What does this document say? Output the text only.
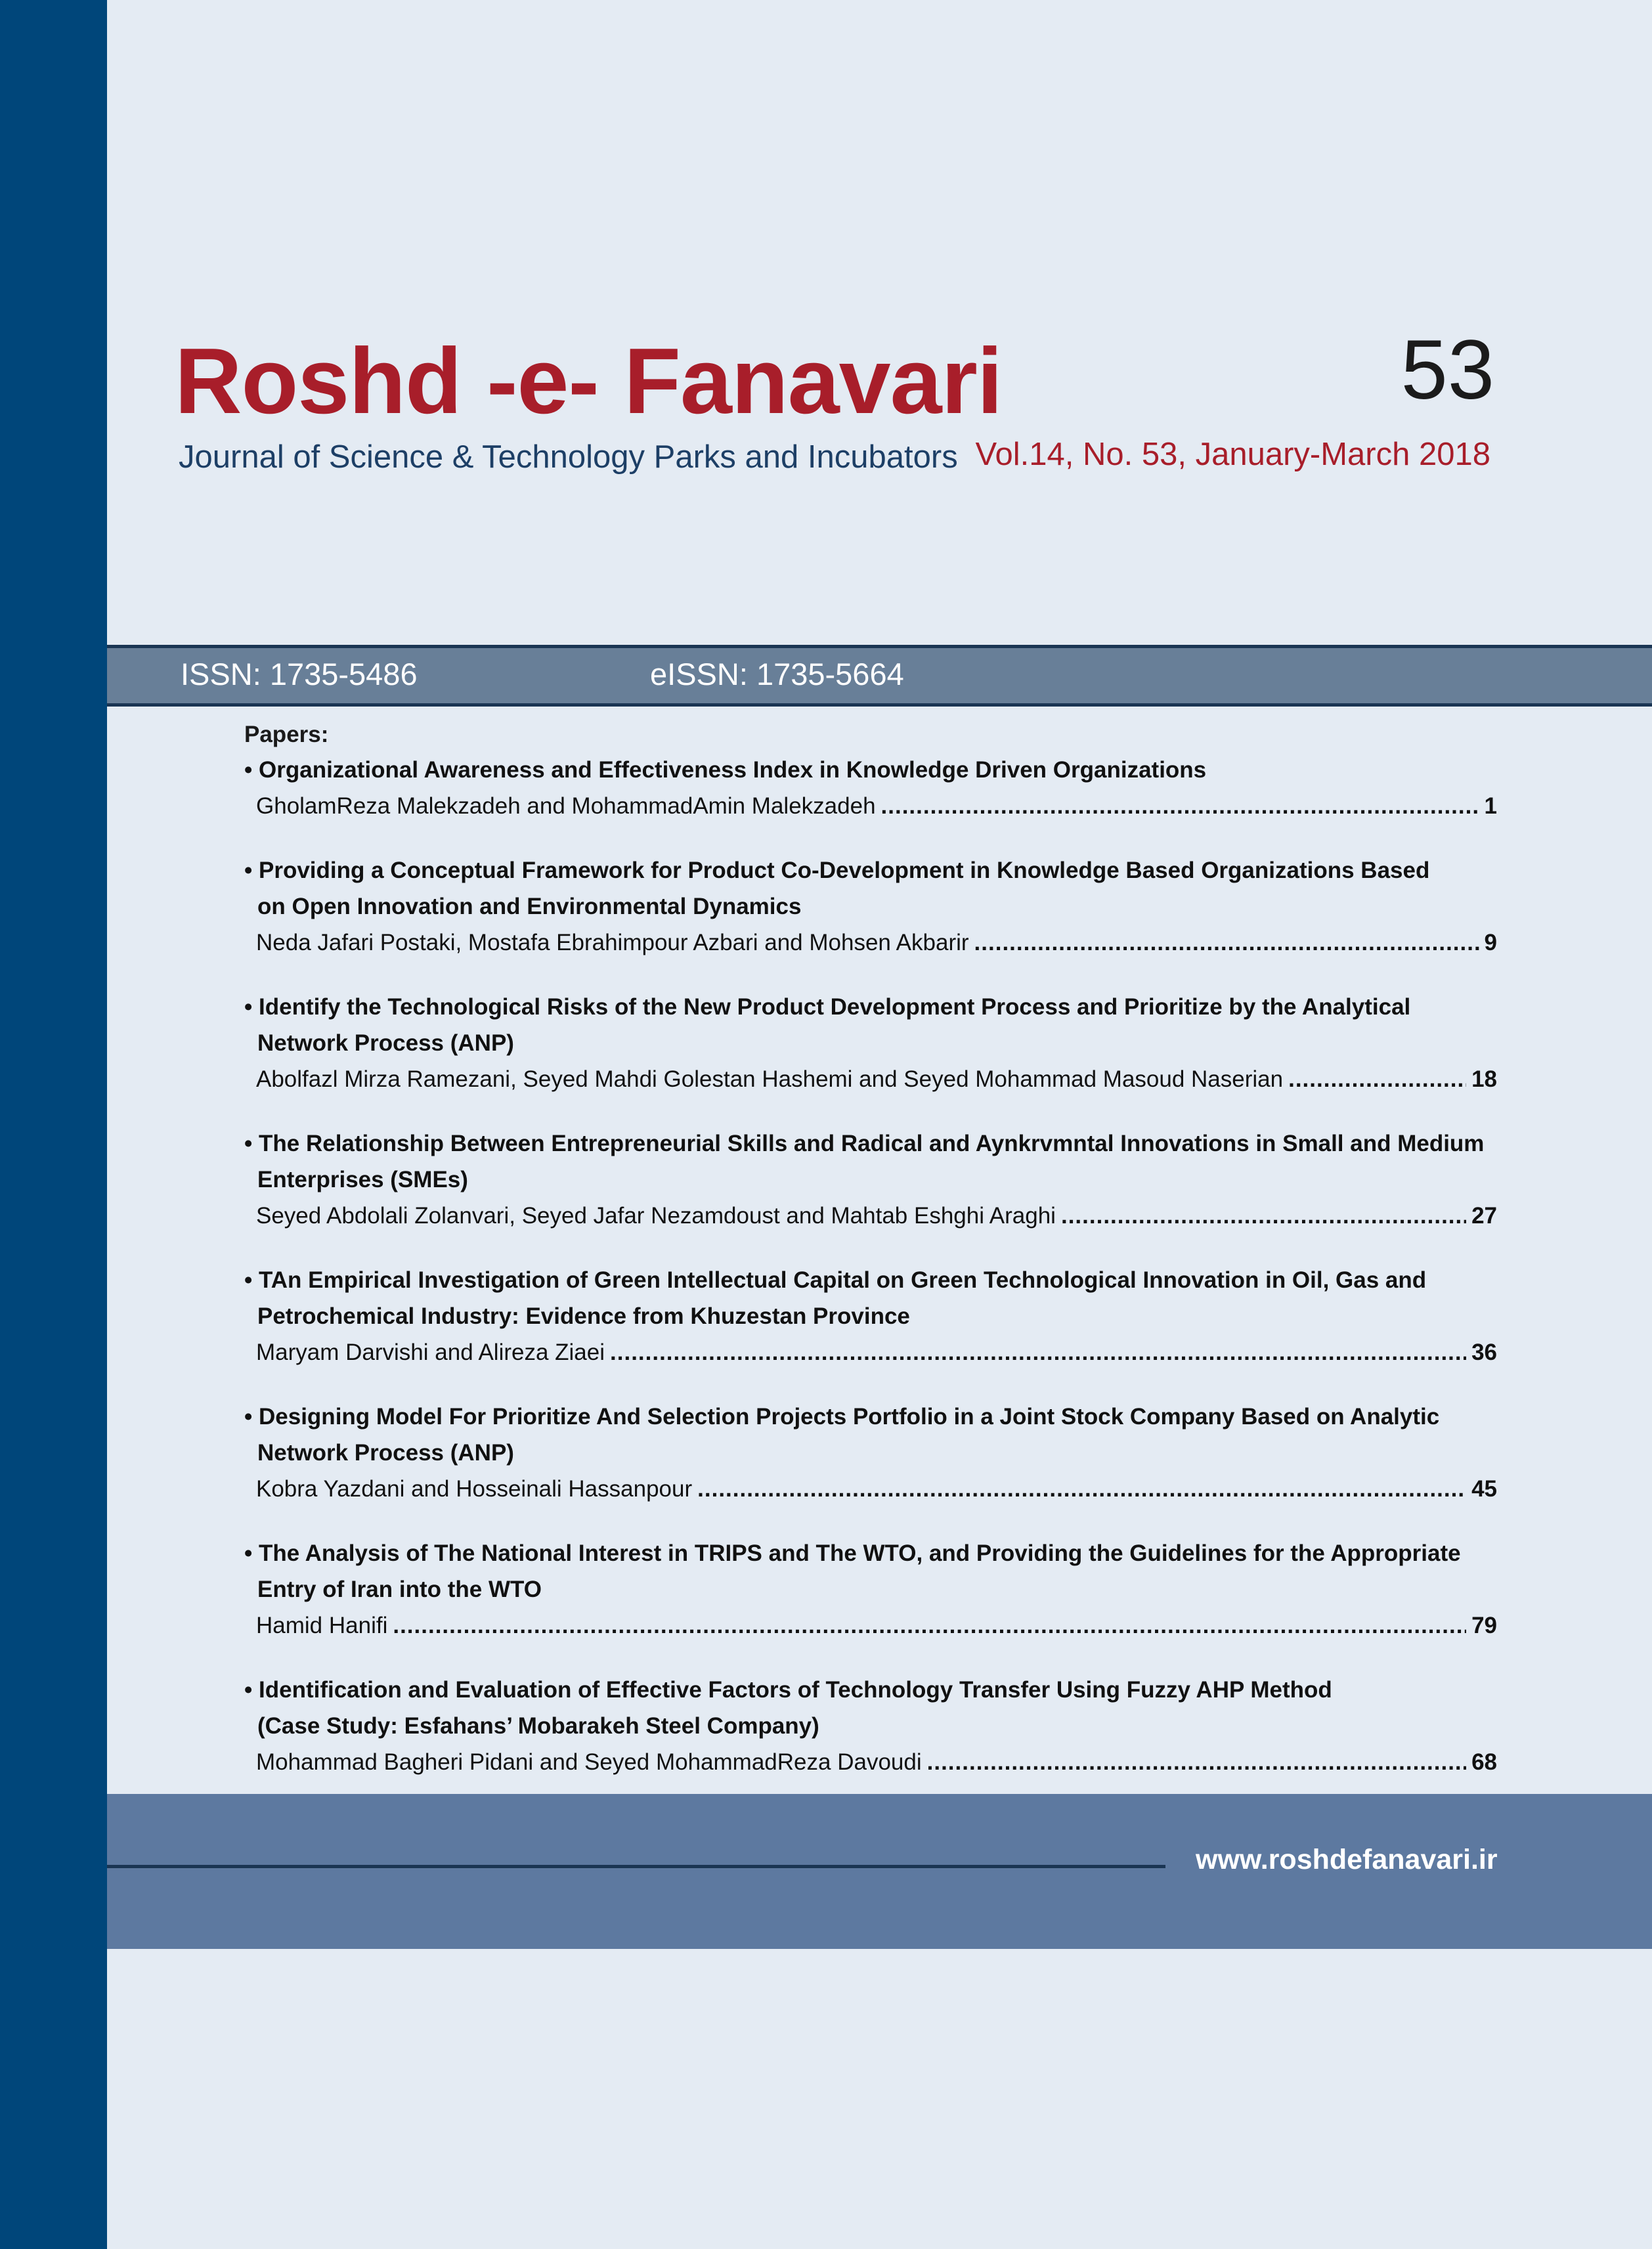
Roshd -e- Fanavari
Journal of Science & Technology Parks and Incubators
53
Vol.14, No. 53, January-March 2018
ISSN: 1735-5486	eISSN: 1735-5664
Papers:
• Organizational Awareness and Effectiveness Index in Knowledge Driven Organizations
GholamReza Malekzadeh and MohammadAmin Malekzadeh .....	1
• Providing a Conceptual Framework for Product Co-Development in Knowledge Based Organizations Based
on Open Innovation and Environmental Dynamics
Neda Jafari Postaki, Mostafa Ebrahimpour Azbari and Mohsen Akbarir .....	9
• Identify the Technological Risks of the New Product Development Process and Prioritize by the Analytical
Network Process (ANP)
Abolfazl Mirza Ramezani, Seyed Mahdi Golestan Hashemi and Seyed Mohammad Masoud Naserian .....	18
• The Relationship Between Entrepreneurial Skills and Radical and Aynkrvmntal Innovations in Small and Medium
Enterprises (SMEs)
Seyed Abdolali Zolanvari, Seyed Jafar Nezamdoust and Mahtab Eshghi Araghi .....	27
• TAn Empirical Investigation of Green Intellectual Capital on Green Technological Innovation in Oil, Gas and
Petrochemical Industry: Evidence from Khuzestan Province
Maryam Darvishi and Alireza Ziaei .....	36
• Designing Model For Prioritize And Selection Projects Portfolio in a Joint Stock Company Based on Analytic
Network Process (ANP)
Kobra Yazdani and Hosseinali Hassanpour .....	45
• The Analysis of The National Interest in TRIPS and The WTO, and Providing the Guidelines for the Appropriate
Entry of Iran into the WTO
Hamid Hanifi .....	79
• Identification and Evaluation of Effective Factors of Technology Transfer Using Fuzzy AHP Method
(Case Study: Esfahans’ Mobarakeh Steel Company)
Mohammad Bagheri Pidani and Seyed MohammadReza Davoudi .....	68
www.roshdefanavari.ir
